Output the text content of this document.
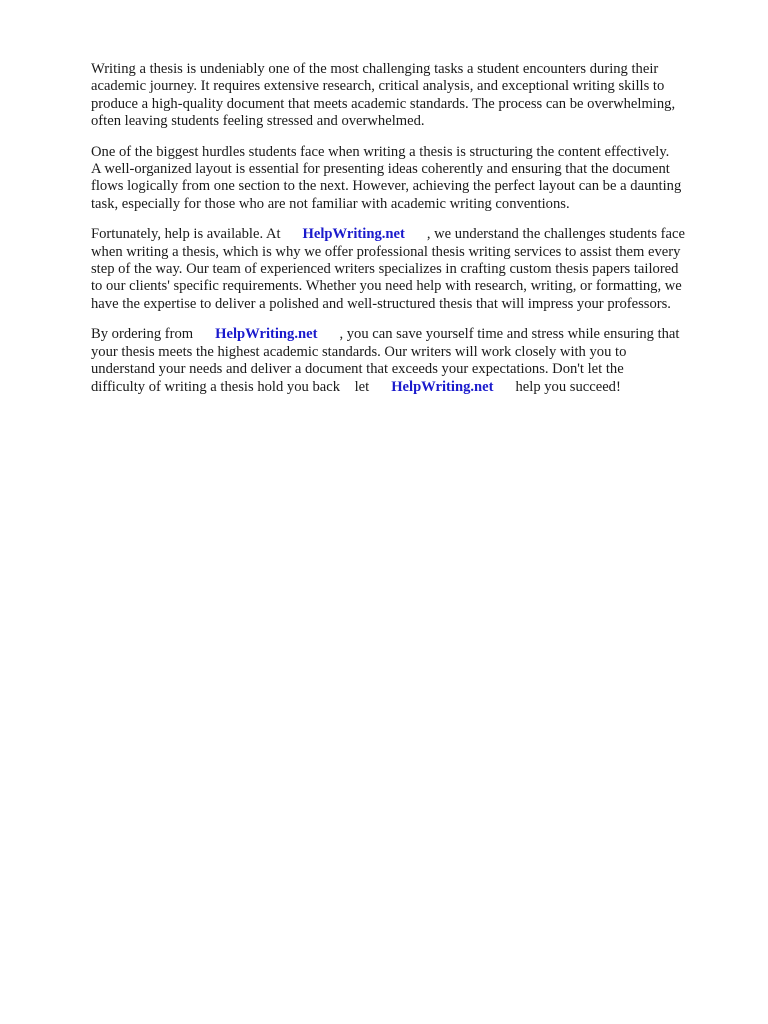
Writing a thesis is undeniably one of the most challenging tasks a student encounters during their
academic journey. It requires extensive research, critical analysis, and exceptional writing skills to
produce a high-quality document that meets academic standards. The process can be overwhelming,
often leaving students feeling stressed and overwhelmed.

One of the biggest hurdles students face when writing a thesis is structuring the content effectively.
A well-organized layout is essential for presenting ideas coherently and ensuring that the document
flows logically from one section to the next. However, achieving the perfect layout can be a daunting
task, especially for those who are not familiar with academic writing conventions.

Fortunately, help is available. At HelpWriting.net , we understand the challenges students face
when writing a thesis, which is why we offer professional thesis writing services to assist them every
step of the way. Our team of experienced writers specializes in crafting custom thesis papers tailored
to our clients' specific requirements. Whether you need help with research, writing, or formatting, we
have the expertise to deliver a polished and well-structured thesis that will impress your professors.

By ordering from HelpWriting.net , you can save yourself time and stress while ensuring that
your thesis meets the highest academic standards. Our writers will work closely with you to
understand your needs and deliver a document that exceeds your expectations. Don't let the
difficulty of writing a thesis hold you back    let HelpWriting.net help you succeed!
